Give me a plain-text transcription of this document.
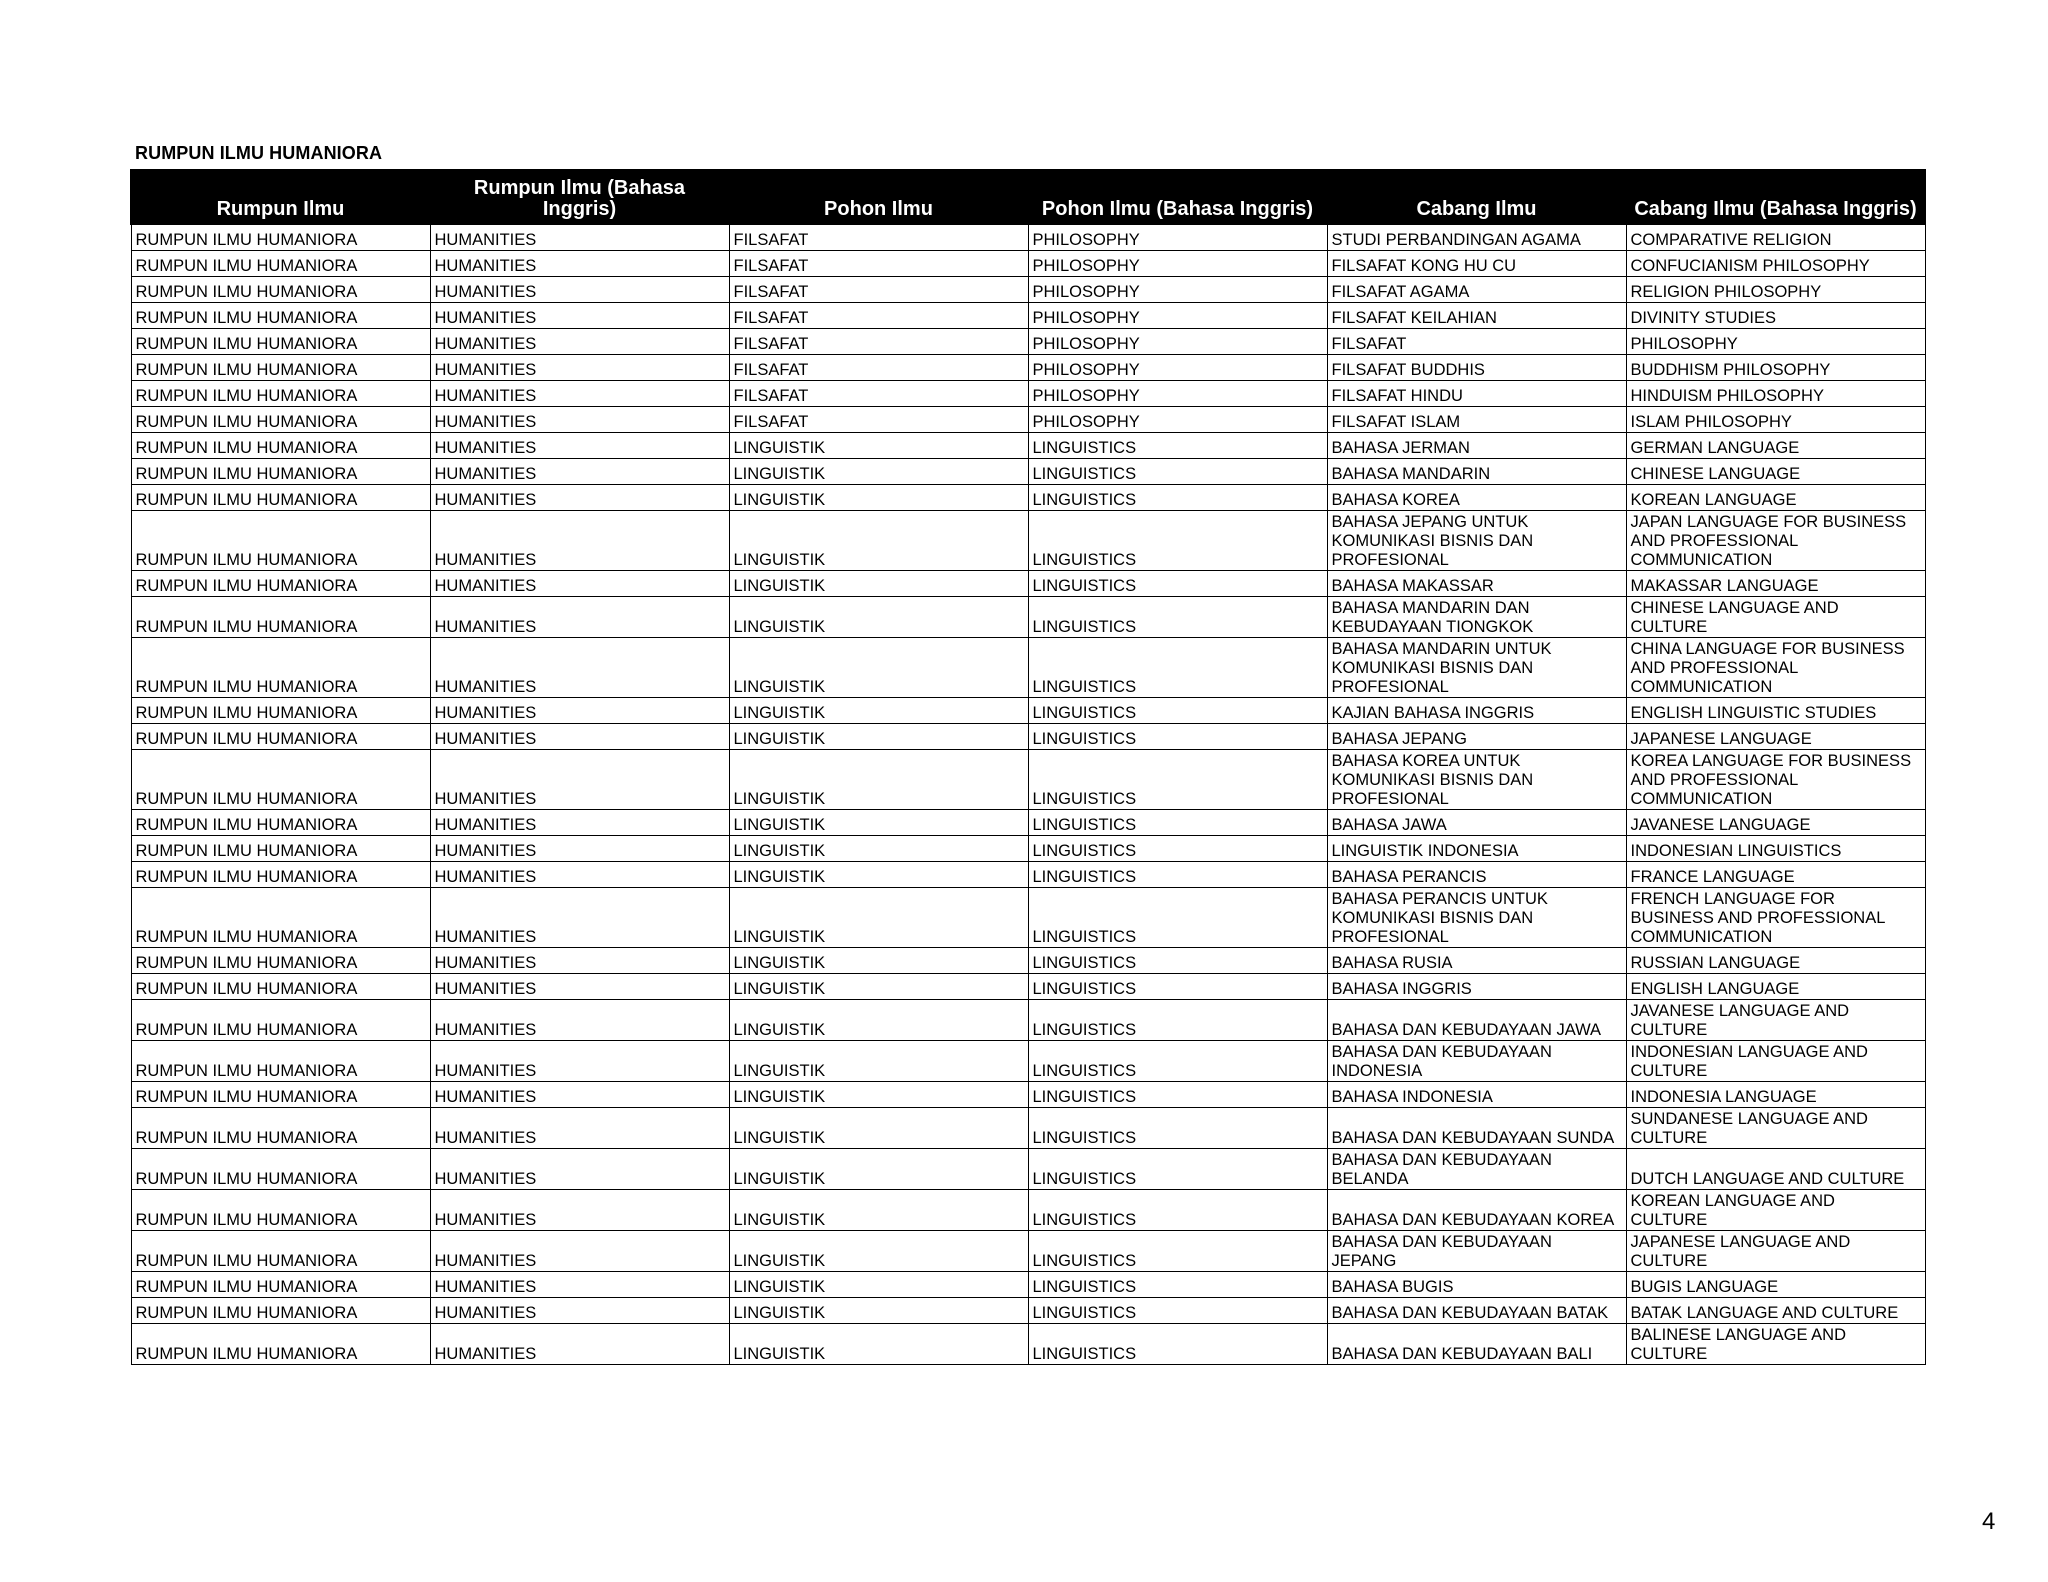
RUMPUN ILMU HUMANIORA
Rumpun Ilmu	Rumpun Ilmu (Bahasa Inggris)	Pohon Ilmu	Pohon Ilmu (Bahasa Inggris)	Cabang Ilmu	Cabang Ilmu (Bahasa Inggris)
RUMPUN ILMU HUMANIORA	HUMANITIES	FILSAFAT	PHILOSOPHY	STUDI PERBANDINGAN AGAMA	COMPARATIVE RELIGION
RUMPUN ILMU HUMANIORA	HUMANITIES	FILSAFAT	PHILOSOPHY	FILSAFAT KONG HU CU	CONFUCIANISM PHILOSOPHY
RUMPUN ILMU HUMANIORA	HUMANITIES	FILSAFAT	PHILOSOPHY	FILSAFAT AGAMA	RELIGION PHILOSOPHY
RUMPUN ILMU HUMANIORA	HUMANITIES	FILSAFAT	PHILOSOPHY	FILSAFAT KEILAHIAN	DIVINITY STUDIES
RUMPUN ILMU HUMANIORA	HUMANITIES	FILSAFAT	PHILOSOPHY	FILSAFAT	PHILOSOPHY
RUMPUN ILMU HUMANIORA	HUMANITIES	FILSAFAT	PHILOSOPHY	FILSAFAT BUDDHIS	BUDDHISM PHILOSOPHY
RUMPUN ILMU HUMANIORA	HUMANITIES	FILSAFAT	PHILOSOPHY	FILSAFAT HINDU	HINDUISM PHILOSOPHY
RUMPUN ILMU HUMANIORA	HUMANITIES	FILSAFAT	PHILOSOPHY	FILSAFAT ISLAM	ISLAM PHILOSOPHY
RUMPUN ILMU HUMANIORA	HUMANITIES	LINGUISTIK	LINGUISTICS	BAHASA JERMAN	GERMAN LANGUAGE
RUMPUN ILMU HUMANIORA	HUMANITIES	LINGUISTIK	LINGUISTICS	BAHASA MANDARIN	CHINESE LANGUAGE
RUMPUN ILMU HUMANIORA	HUMANITIES	LINGUISTIK	LINGUISTICS	BAHASA KOREA	KOREAN LANGUAGE
RUMPUN ILMU HUMANIORA	HUMANITIES	LINGUISTIK	LINGUISTICS	BAHASA JEPANG UNTUK
KOMUNIKASI BISNIS DAN
PROFESIONAL	JAPAN LANGUAGE FOR BUSINESS
AND PROFESSIONAL
COMMUNICATION
RUMPUN ILMU HUMANIORA	HUMANITIES	LINGUISTIK	LINGUISTICS	BAHASA MAKASSAR	MAKASSAR LANGUAGE
RUMPUN ILMU HUMANIORA	HUMANITIES	LINGUISTIK	LINGUISTICS	BAHASA MANDARIN DAN
KEBUDAYAAN TIONGKOK	CHINESE LANGUAGE AND
CULTURE
RUMPUN ILMU HUMANIORA	HUMANITIES	LINGUISTIK	LINGUISTICS	BAHASA MANDARIN UNTUK
KOMUNIKASI BISNIS DAN
PROFESIONAL	CHINA LANGUAGE FOR BUSINESS
AND PROFESSIONAL
COMMUNICATION
RUMPUN ILMU HUMANIORA	HUMANITIES	LINGUISTIK	LINGUISTICS	KAJIAN BAHASA INGGRIS	ENGLISH LINGUISTIC STUDIES
RUMPUN ILMU HUMANIORA	HUMANITIES	LINGUISTIK	LINGUISTICS	BAHASA JEPANG	JAPANESE LANGUAGE
RUMPUN ILMU HUMANIORA	HUMANITIES	LINGUISTIK	LINGUISTICS	BAHASA KOREA UNTUK
KOMUNIKASI BISNIS DAN
PROFESIONAL	KOREA LANGUAGE FOR BUSINESS
AND PROFESSIONAL
COMMUNICATION
RUMPUN ILMU HUMANIORA	HUMANITIES	LINGUISTIK	LINGUISTICS	BAHASA JAWA	JAVANESE LANGUAGE
RUMPUN ILMU HUMANIORA	HUMANITIES	LINGUISTIK	LINGUISTICS	LINGUISTIK INDONESIA	INDONESIAN LINGUISTICS
RUMPUN ILMU HUMANIORA	HUMANITIES	LINGUISTIK	LINGUISTICS	BAHASA PERANCIS	FRANCE LANGUAGE
RUMPUN ILMU HUMANIORA	HUMANITIES	LINGUISTIK	LINGUISTICS	BAHASA PERANCIS UNTUK
KOMUNIKASI BISNIS DAN
PROFESIONAL	FRENCH LANGUAGE FOR
BUSINESS AND PROFESSIONAL
COMMUNICATION
RUMPUN ILMU HUMANIORA	HUMANITIES	LINGUISTIK	LINGUISTICS	BAHASA RUSIA	RUSSIAN LANGUAGE
RUMPUN ILMU HUMANIORA	HUMANITIES	LINGUISTIK	LINGUISTICS	BAHASA INGGRIS	ENGLISH LANGUAGE
RUMPUN ILMU HUMANIORA	HUMANITIES	LINGUISTIK	LINGUISTICS	BAHASA DAN KEBUDAYAAN JAWA	JAVANESE LANGUAGE AND
CULTURE
RUMPUN ILMU HUMANIORA	HUMANITIES	LINGUISTIK	LINGUISTICS	BAHASA DAN KEBUDAYAAN
INDONESIA	INDONESIAN LANGUAGE AND
CULTURE
RUMPUN ILMU HUMANIORA	HUMANITIES	LINGUISTIK	LINGUISTICS	BAHASA INDONESIA	INDONESIA LANGUAGE
RUMPUN ILMU HUMANIORA	HUMANITIES	LINGUISTIK	LINGUISTICS	BAHASA DAN KEBUDAYAAN SUNDA	SUNDANESE LANGUAGE AND
CULTURE
RUMPUN ILMU HUMANIORA	HUMANITIES	LINGUISTIK	LINGUISTICS	BAHASA DAN KEBUDAYAAN
BELANDA	DUTCH LANGUAGE AND CULTURE
RUMPUN ILMU HUMANIORA	HUMANITIES	LINGUISTIK	LINGUISTICS	BAHASA DAN KEBUDAYAAN KOREA	KOREAN LANGUAGE AND
CULTURE
RUMPUN ILMU HUMANIORA	HUMANITIES	LINGUISTIK	LINGUISTICS	BAHASA DAN KEBUDAYAAN
JEPANG	JAPANESE LANGUAGE AND
CULTURE
RUMPUN ILMU HUMANIORA	HUMANITIES	LINGUISTIK	LINGUISTICS	BAHASA BUGIS	BUGIS LANGUAGE
RUMPUN ILMU HUMANIORA	HUMANITIES	LINGUISTIK	LINGUISTICS	BAHASA DAN KEBUDAYAAN BATAK	BATAK LANGUAGE AND CULTURE
RUMPUN ILMU HUMANIORA	HUMANITIES	LINGUISTIK	LINGUISTICS	BAHASA DAN KEBUDAYAAN BALI	BALINESE LANGUAGE AND
CULTURE
4
